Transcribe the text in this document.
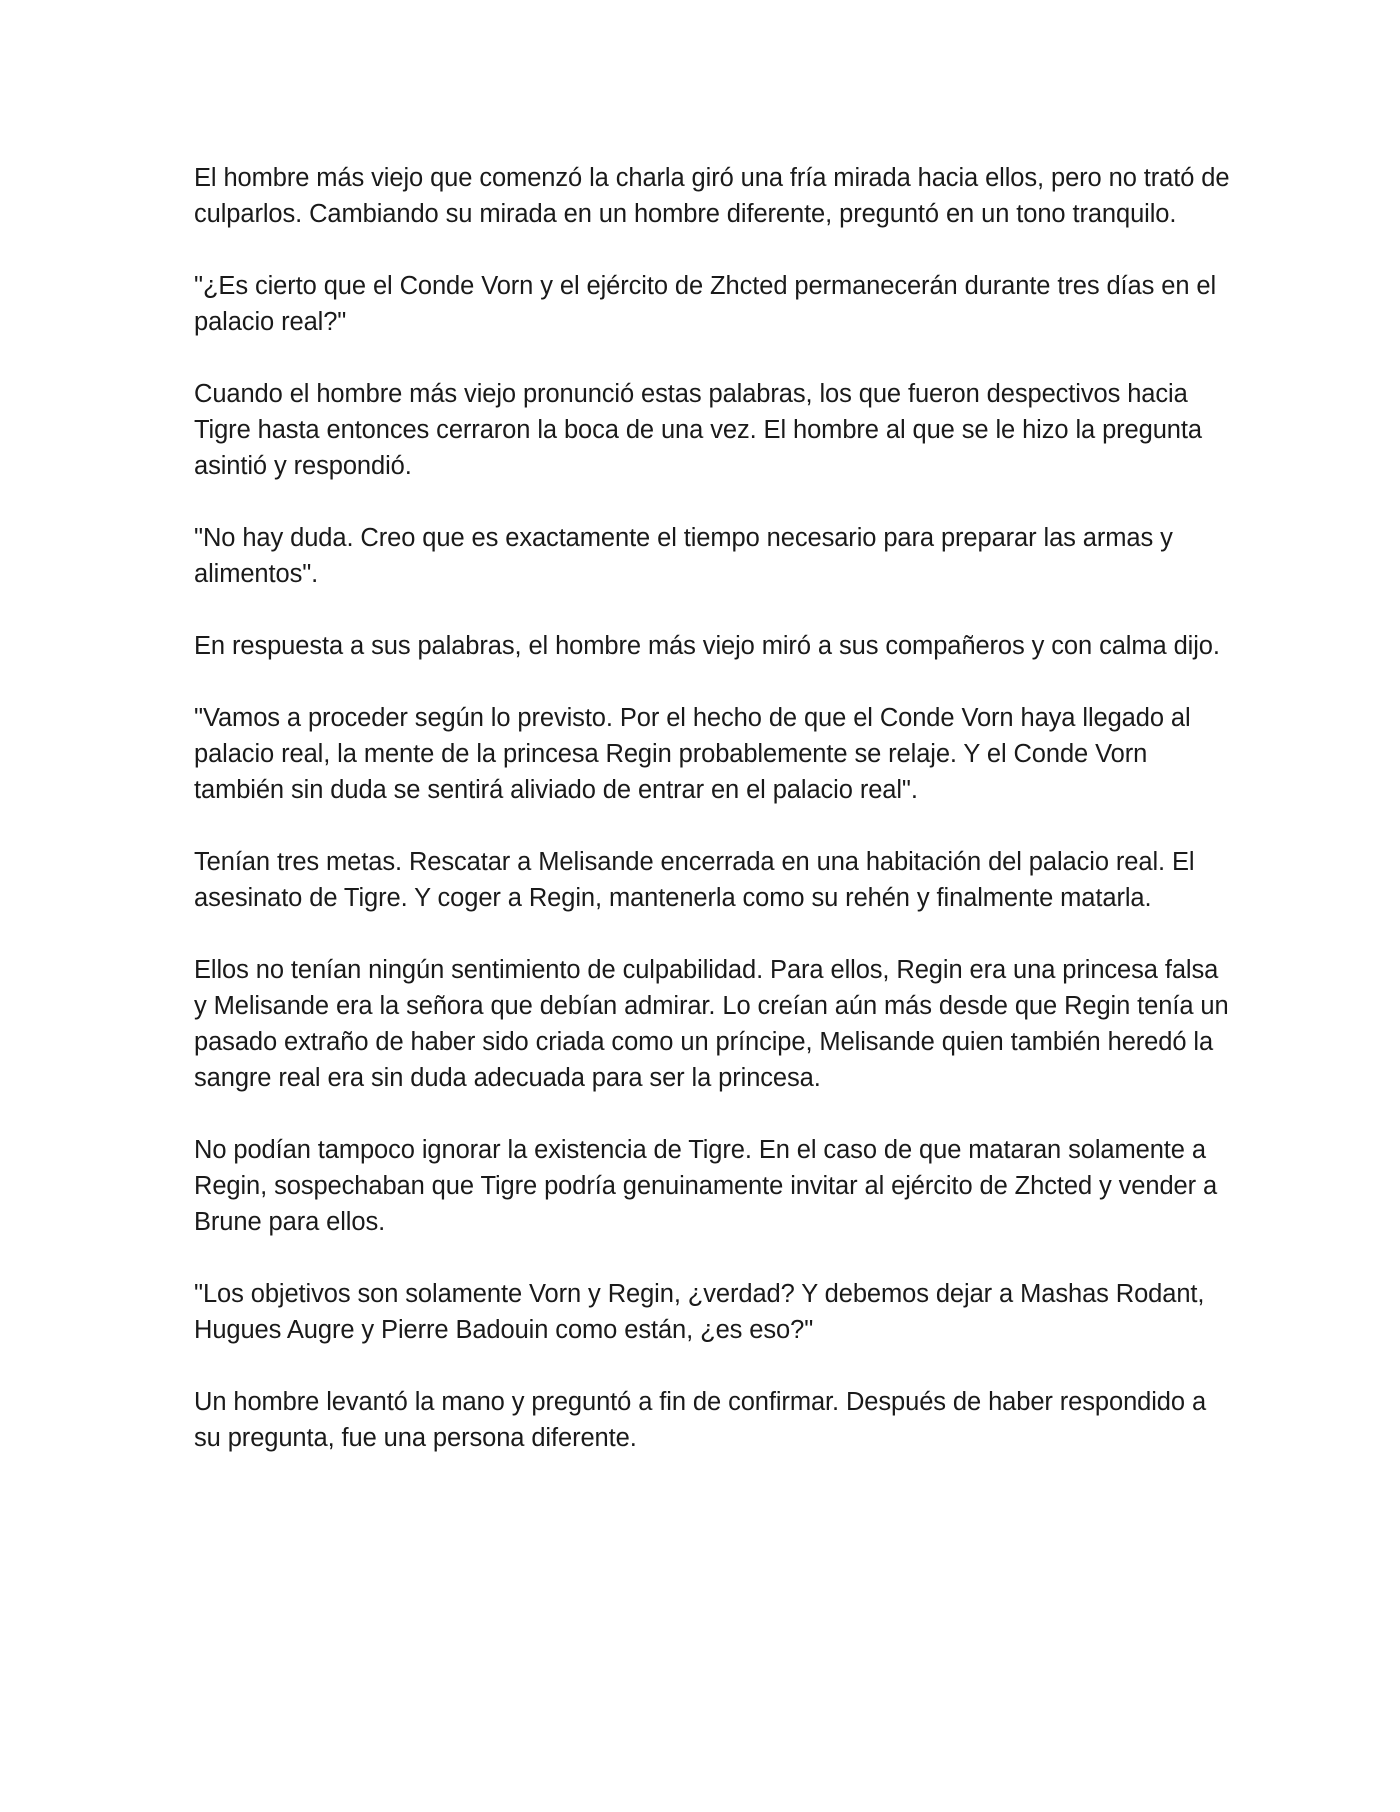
El hombre más viejo que comenzó la charla giró una fría mirada hacia ellos, pero no trató de culparlos. Cambiando su mirada en un hombre diferente, preguntó en un tono tranquilo.

"¿Es cierto que el Conde Vorn y el ejército de Zhcted permanecerán durante tres días en el palacio real?"

Cuando el hombre más viejo pronunció estas palabras, los que fueron despectivos hacia Tigre hasta entonces cerraron la boca de una vez. El hombre al que se le hizo la pregunta asintió y respondió.

"No hay duda. Creo que es exactamente el tiempo necesario para preparar las armas y alimentos".

En respuesta a sus palabras, el hombre más viejo miró a sus compañeros y con calma dijo.

"Vamos a proceder según lo previsto. Por el hecho de que el Conde Vorn haya llegado al palacio real, la mente de la princesa Regin probablemente se relaje. Y el Conde Vorn también sin duda se sentirá aliviado de entrar en el palacio real".

Tenían tres metas. Rescatar a Melisande encerrada en una habitación del palacio real. El asesinato de Tigre. Y coger a Regin, mantenerla como su rehén y finalmente matarla.

Ellos no tenían ningún sentimiento de culpabilidad. Para ellos, Regin era una princesa falsa y Melisande era la señora que debían admirar. Lo creían aún más desde que Regin tenía un pasado extraño de haber sido criada como un príncipe, Melisande quien también heredó la sangre real era sin duda adecuada para ser la princesa.

No podían tampoco ignorar la existencia de Tigre. En el caso de que mataran solamente a Regin, sospechaban que Tigre podría genuinamente invitar al ejército de Zhcted y vender a Brune para ellos.

"Los objetivos son solamente Vorn y Regin, ¿verdad? Y debemos dejar a Mashas Rodant, Hugues Augre y Pierre Badouin como están, ¿es eso?"

Un hombre levantó la mano y preguntó a fin de confirmar. Después de haber respondido a su pregunta, fue una persona diferente.
